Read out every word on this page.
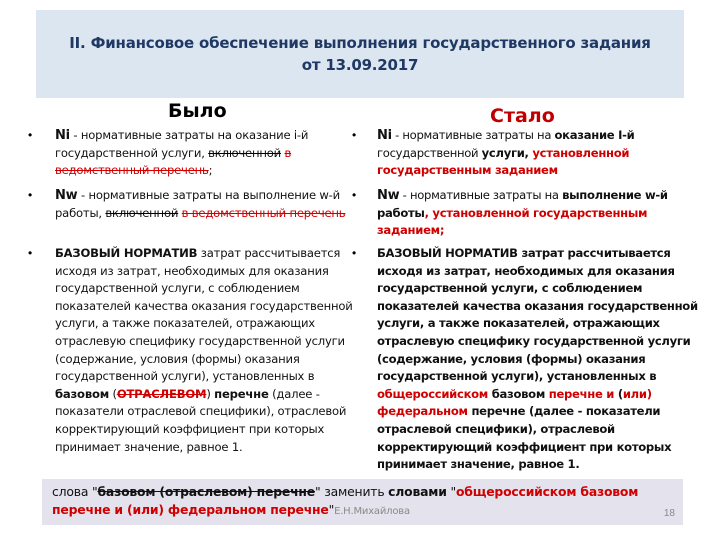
II. Финансовое обеспечение выполнения государственного задания
от 13.09.2017
Было	Стало
• Ni - нормативные затраты на оказание i-й государственной услуги, включенной в ведомственный перечень;
• Nw - нормативные затраты на выполнение w-й работы, включенной в ведомственный перечень
• БАЗОВЫЙ НОРМАТИВ затрат рассчитывается исходя из затрат, необходимых для оказания государственной услуги, с соблюдением показателей качества оказания государственной услуги, а также показателей, отражающих отраслевую специфику государственной услуги (содержание, условия (формы) оказания государственной услуги), установленных в базовом (ОТРАСЛЕВОМ) перечне (далее - показатели отраслевой специфики), отраслевой корректирующий коэффициент при которых принимает значение, равное 1.
• Ni - нормативные затраты на оказание I-й государственной услуги, установленной государственным заданием
• Nw - нормативные затраты на выполнение w-й работы, установленной государственным заданием;
• БАЗОВЫЙ НОРМАТИВ затрат рассчитывается исходя из затрат, необходимых для оказания государственной услуги, с соблюдением показателей качества оказания государственной услуги, а также показателей, отражающих отраслевую специфику государственной услуги (содержание, условия (формы) оказания государственной услуги), установленных в общероссийском базовом перечне и (или) федеральном перечне (далее - показатели отраслевой специфики), отраслевой корректирующий коэффициент при которых принимает значение, равное 1.
слова "базовом (отраслевом) перечне" заменить словами "общероссийском базовом перечне и (или) федеральном перечне"Е.Н.Михайлова	18
